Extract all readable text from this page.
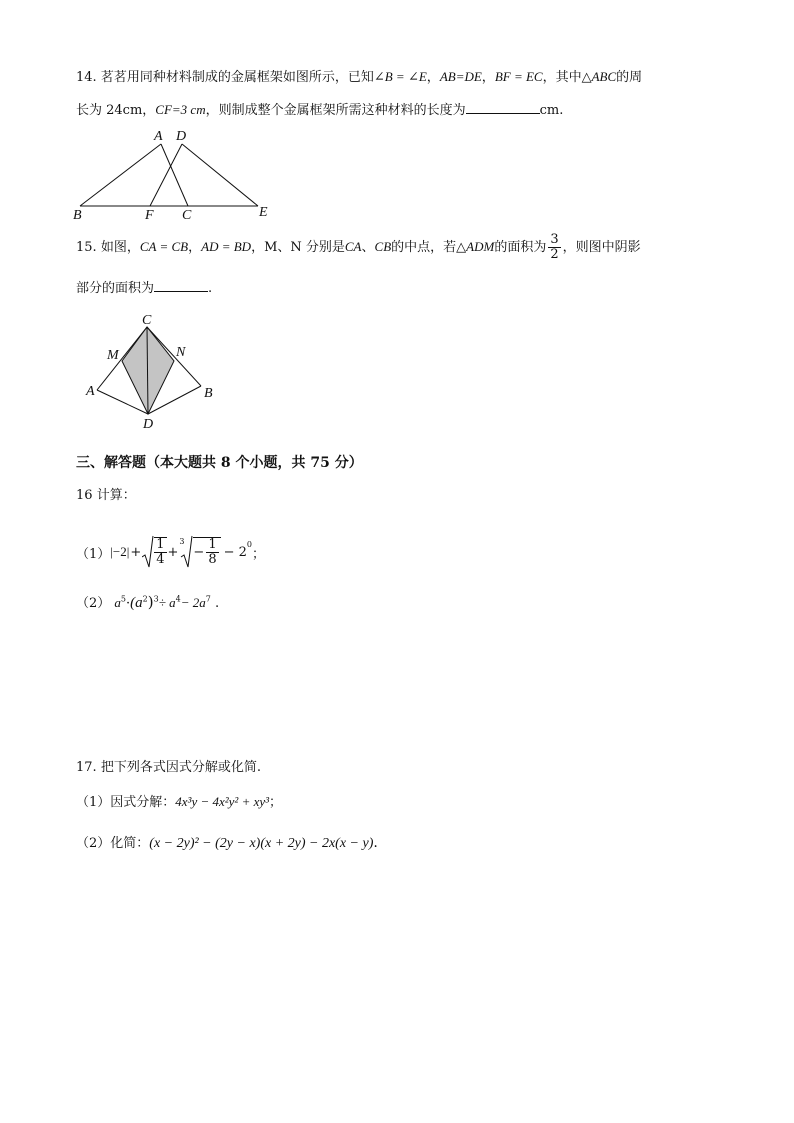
14. 茗茗用同种材料制成的金属框架如图所示，已知∠B = ∠E，AB=DE，BF = EC，其中△ABC的周
长为 24cm，CF=3 cm，则制成整个金属框架所需这种材料的长度为	cm.
A D
B	F C	E
15. 如图，CA = CB，AD = BD，M、N 分别是CA、CB的中点，若△ADM的面积为 $\frac{3}{2}$ ，则图中阴影
部分的面积为	.
C
M	N
A	B
D
三、解答题（本大题共 8 个小题，共 75 分）
16 计算：
（1） $|-2| + \frac{1}{4}$ +
3
− $\frac{1}{8} - 2^0$
；
（2） $a^5\cdot(a^2)^3\div a^4- 2a^7$ .
17. 把下列各式因式分解或化简.
（1）因式分解：4x³y − 4x²y² + xy³；
（2）化简：(x − 2y)² − (2y − x)(x + 2y) − 2x(x − y).
